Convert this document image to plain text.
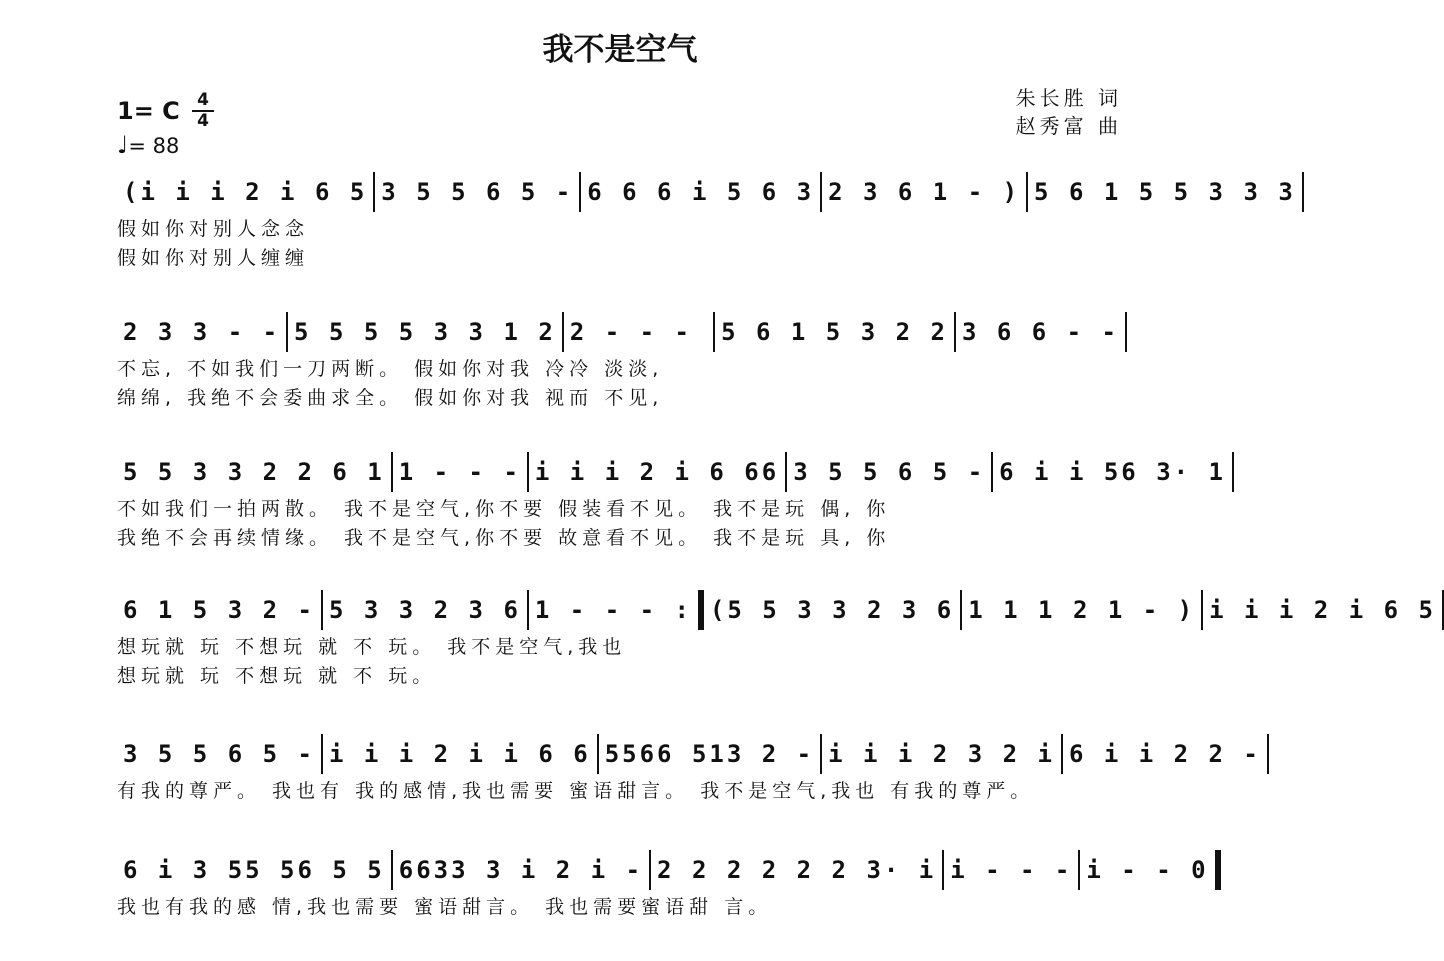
我不是空气
朱长胜 词
赵秀富 曲
1= C 4
4
♩= 88
(i i i 2 i 6 5 3 5 5 6 5 - 6 6 6 i 5 6 3 2 3 6 1 - ) 5 6 1 5 5 3 3 3
假如你对别人念念
假如你对别人缠缠
2 3 3 - - 5 5 5 5 3 3 1 2 2 - - -	5 6 1 5 3 2 2 3 6 6 - -
不忘, 不如我们一刀两断。 假如你对我 冷冷 淡淡,
绵绵, 我绝不会委曲求全。 假如你对我 视而 不见,
5 5 3 3 2 2 6 1 1 - - - i i i 2 i 6 66 3 5 5 6 5 - 6 i i 56 3· 1
不如我们一拍两散。 我不是空气,你不要 假装看不见。 我不是玩 偶, 你
我绝不会再续情缘。 我不是空气,你不要 故意看不见。 我不是玩 具, 你
6 1 5 3 2 - 5 3 3 2 3 6 1 - - - : (5 5 3 3 2 3 6 1 1 1 2 1 - ) i i i 2 i 6 5
想玩就 玩 不想玩 就 不 玩。 我不是空气,我也
想玩就 玩 不想玩 就 不 玩。
3 5 5 6 5 - i i i 2 i i 6 6 5566 513 2 - i i i 2 3 2 i 6 i i 2 2 -
有我的尊严。 我也有 我的感情,我也需要 蜜语甜言。 我不是空气,我也 有我的尊严。
6 i 3 55 56 5 5 6633 3 i 2 i - 2 2 2 2 2 2 3· i i - - - i - - 0
我也有我的感 情,我也需要 蜜语甜言。 我也需要蜜语甜 言。
